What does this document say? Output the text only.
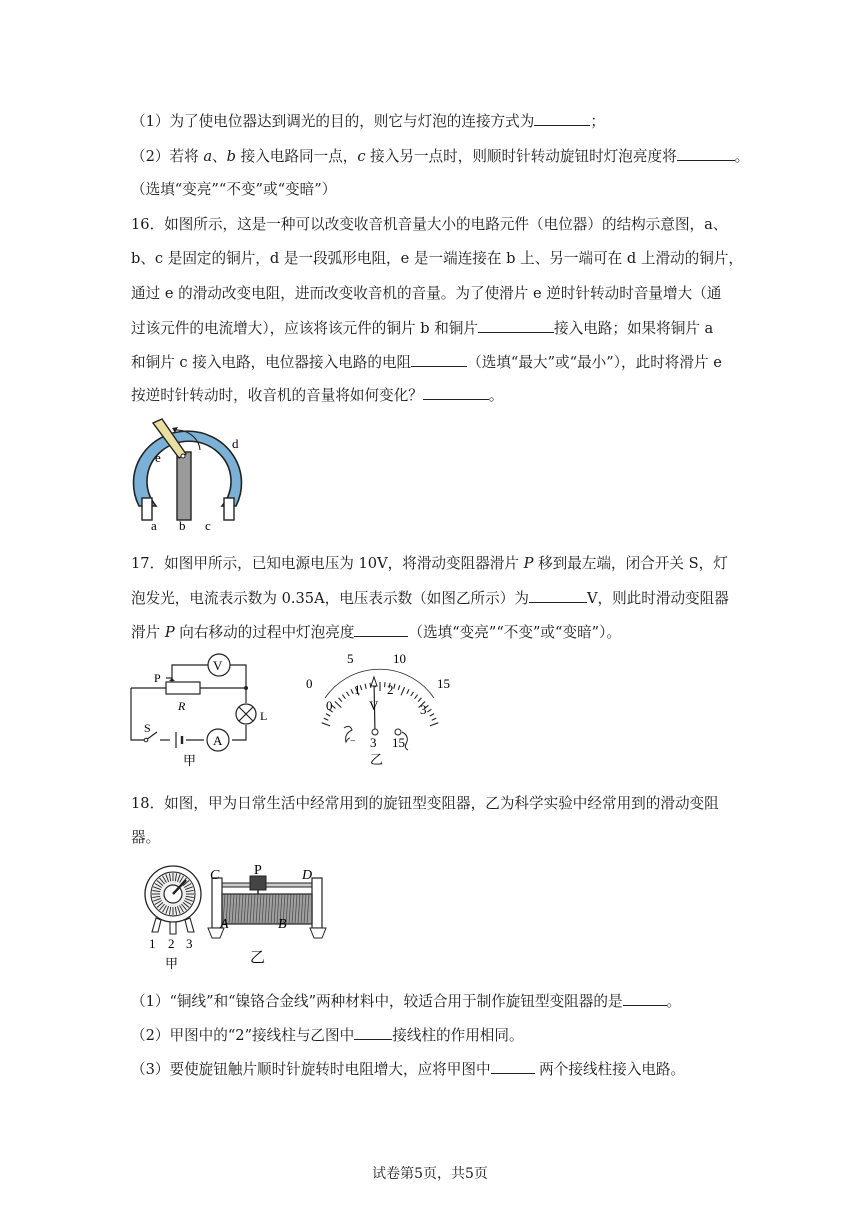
（1）为了使电位器达到调光的目的，则它与灯泡的连接方式为	；
（2）若将 a、b 接入电路同一点，c 接入另一点时，则顺时针转动旋钮时灯泡亮度将	。
（选填“变亮”“不变”或“变暗”）
16．如图所示，这是一种可以改变收音机音量大小的电路元件（电位器）的结构示意图，a、
b、c 是固定的铜片，d 是一段弧形电阻，e 是一端连接在 b 上、另一端可在 d 上滑动的铜片，
通过 e 的滑动改变电阻，进而改变收音机的音量。为了使滑片 e 逆时针转动时音量增大（通
过该元件的电流增大），应该将该元件的铜片 b 和铜片	接入电路；如果将铜片 a
和铜片 c 接入电路，电位器接入电路的电阻	（选填“最大”或“最小”），此时将滑片 e
按逆时针转动时，收音机的音量将如何变化？	。
e
d
a b c
17．如图甲所示，已知电源电压为 10V，将滑动变阻器滑片 P 移到最左端，闭合开关 S，灯
泡发光，电流表示数为 0.35A，电压表示数（如图乙所示）为	V，则此时滑动变阻器
滑片 P 向右移动的过程中灯泡亮度	（选填“变亮”“不变”或“变暗”）。
V
P
R
L
A
S
甲
0
5	10
15
0
1 2
3
V
− 3 15
乙
18．如图，甲为日常生活中经常用到的旋钮型变阻器，乙为科学实验中经常用到的滑动变阻
器。
1 2 3
甲
C P	D
A	B
乙
（1）“铜线”和“镍铬合金线”两种材料中，较适合用于制作旋钮型变阻器的是	。
（2）甲图中的“2”接线柱与乙图中	接线柱的作用相同。
（3）要使旋钮触片顺时针旋转时电阻增大，应将甲图中	两个接线柱接入电路。
试卷第5页，共5页
